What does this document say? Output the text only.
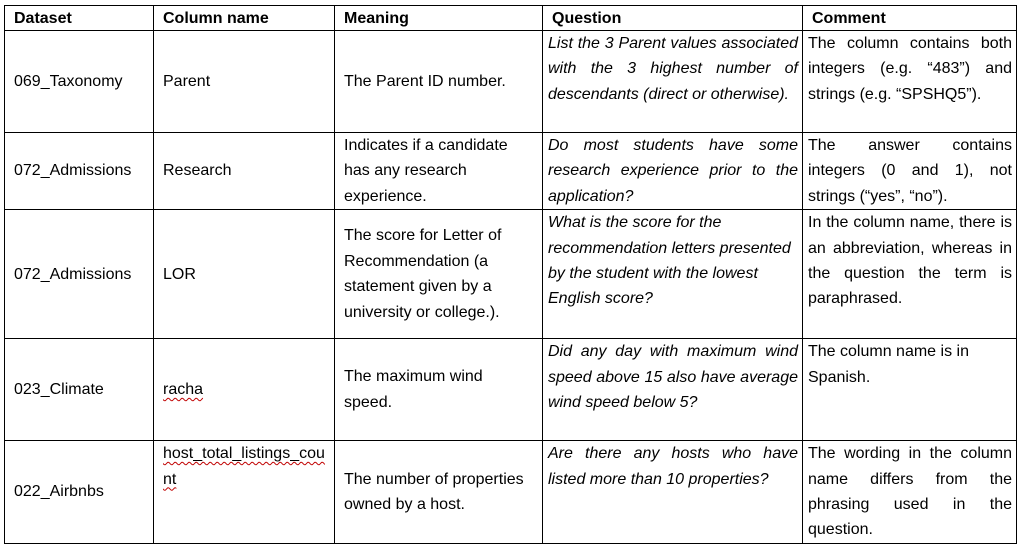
Dataset	Column name	Meaning	Question	Comment
069_Taxonomy	Parent	The Parent ID number.	List the 3 Parent values associated with the 3 highest number of descendants (direct or otherwise).	The column contains both integers (e.g. “483”) and strings (e.g. “SPSHQ5”).

072_Admissions	Research	Indicates if a candidate has any research experience.	Do most students have some research experience prior to the application?	The answer contains integers (0 and 1), not strings (“yes”, “no”).

072_Admissions	LOR	The score for Letter of Recommendation (a statement given by a university or college.).	What is the score for the recommendation letters presented by the student with the lowest English score?	In the column name, there is an abbreviation, whereas in the question the term is paraphrased.

023_Climate	racha	The maximum wind speed.	Did any day with maximum wind speed above 15 also have average wind speed below 5?	The column name is in Spanish.

022_Airbnbs	host_total_listings_count	The number of properties owned by a host.	Are there any hosts who have listed more than 10 properties?	The wording in the column name differs from the phrasing used in the question.
